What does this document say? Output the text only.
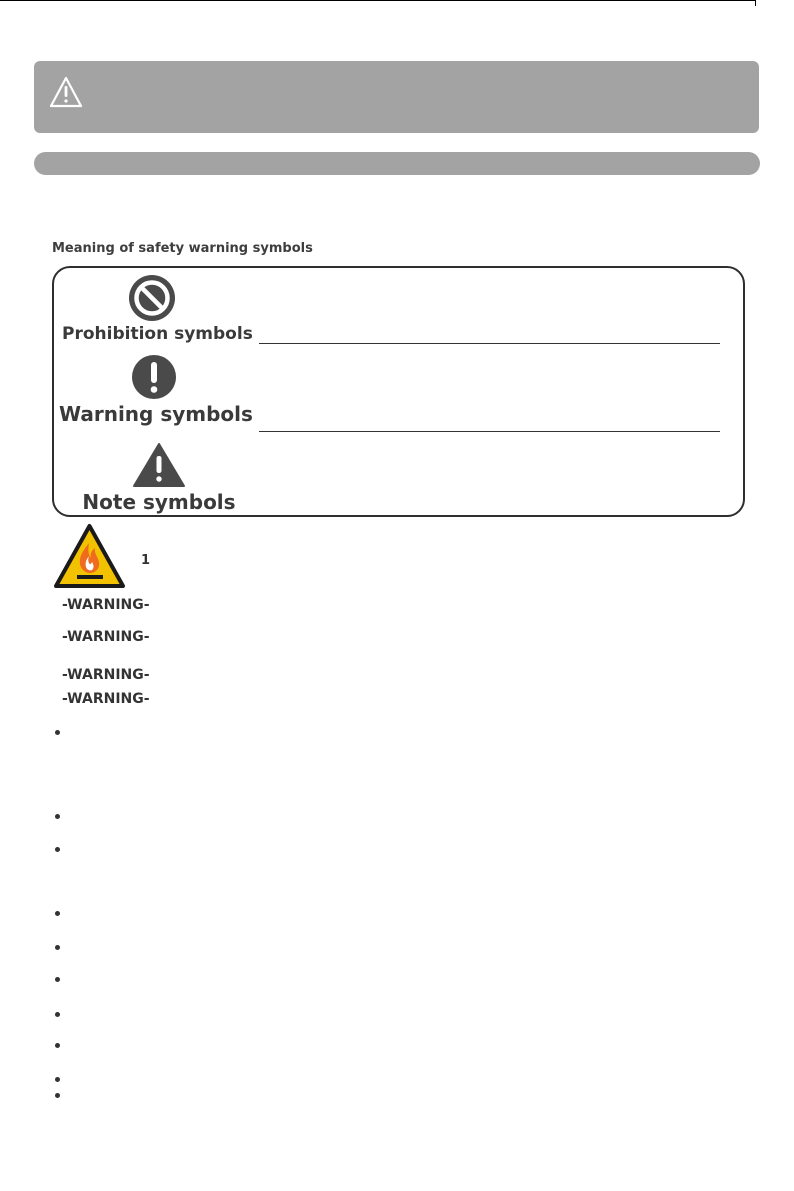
Meaning of safety warning symbols
Prohibition symbols
Warning symbols
Note symbols
1
-WARNING-
-WARNING-
-WARNING-
-WARNING-
